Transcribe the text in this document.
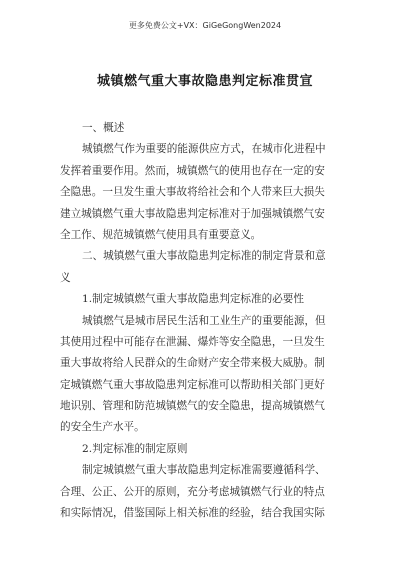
更多免费公文+VX：GiGeGongWen2024
城镇燃气重大事故隐患判定标准贯宣
一、概述
城镇燃气作为重要的能源供应方式，在城市化进程中
发挥着重要作用。然而，城镇燃气的使用也存在一定的安
全隐患。一旦发生重大事故将给社会和个人带来巨大损失
建立城镇燃气重大事故隐患判定标准对于加强城镇燃气安
全工作、规范城镇燃气使用具有重要意义。
二、城镇燃气重大事故隐患判定标准的制定背景和意
义
1.制定城镇燃气重大事故隐患判定标准的必要性
城镇燃气是城市居民生活和工业生产的重要能源，但
其使用过程中可能存在泄漏、爆炸等安全隐患，一旦发生
重大事故将给人民群众的生命财产安全带来极大威胁。制
定城镇燃气重大事故隐患判定标准可以帮助相关部门更好
地识别、管理和防范城镇燃气的安全隐患，提高城镇燃气
的安全生产水平。
2.判定标准的制定原则
制定城镇燃气重大事故隐患判定标准需要遵循科学、
合理、公正、公开的原则，充分考虑城镇燃气行业的特点
和实际情况，借鉴国际上相关标准的经验，结合我国实际
